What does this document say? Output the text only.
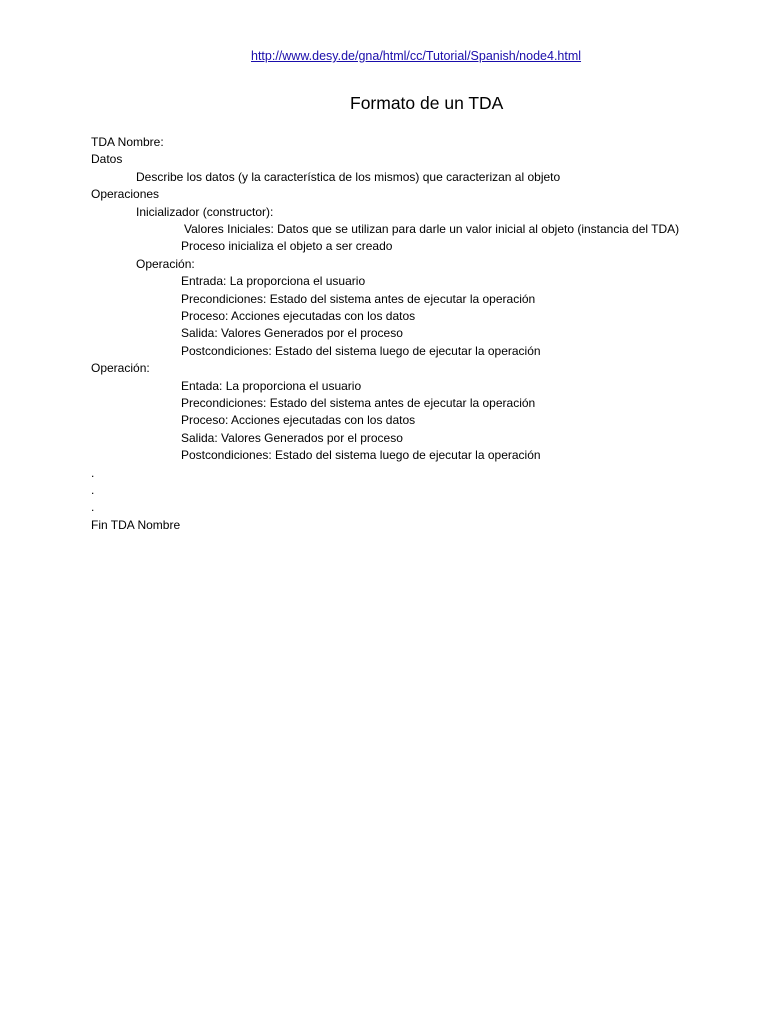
http://www.desy.de/gna/html/cc/Tutorial/Spanish/node4.html
Formato de un TDA
TDA Nombre:
Datos
Describe los datos (y la característica de los mismos) que caracterizan al objeto
Operaciones
Inicializador (constructor):
Valores Iniciales: Datos que se utilizan para darle un valor inicial al objeto (instancia del TDA)
Proceso inicializa el objeto a ser creado
Operación:
Entrada: La proporciona el usuario
Precondiciones: Estado del sistema antes de ejecutar la operación
Proceso: Acciones ejecutadas con los datos
Salida: Valores Generados por el proceso
Postcondiciones: Estado del sistema luego de ejecutar la operación
Operación:
Entada: La proporciona el usuario
Precondiciones: Estado del sistema antes de ejecutar la operación
Proceso: Acciones ejecutadas con los datos
Salida: Valores Generados por el proceso
Postcondiciones: Estado del sistema luego de ejecutar la operación
.
.
.
Fin TDA Nombre
